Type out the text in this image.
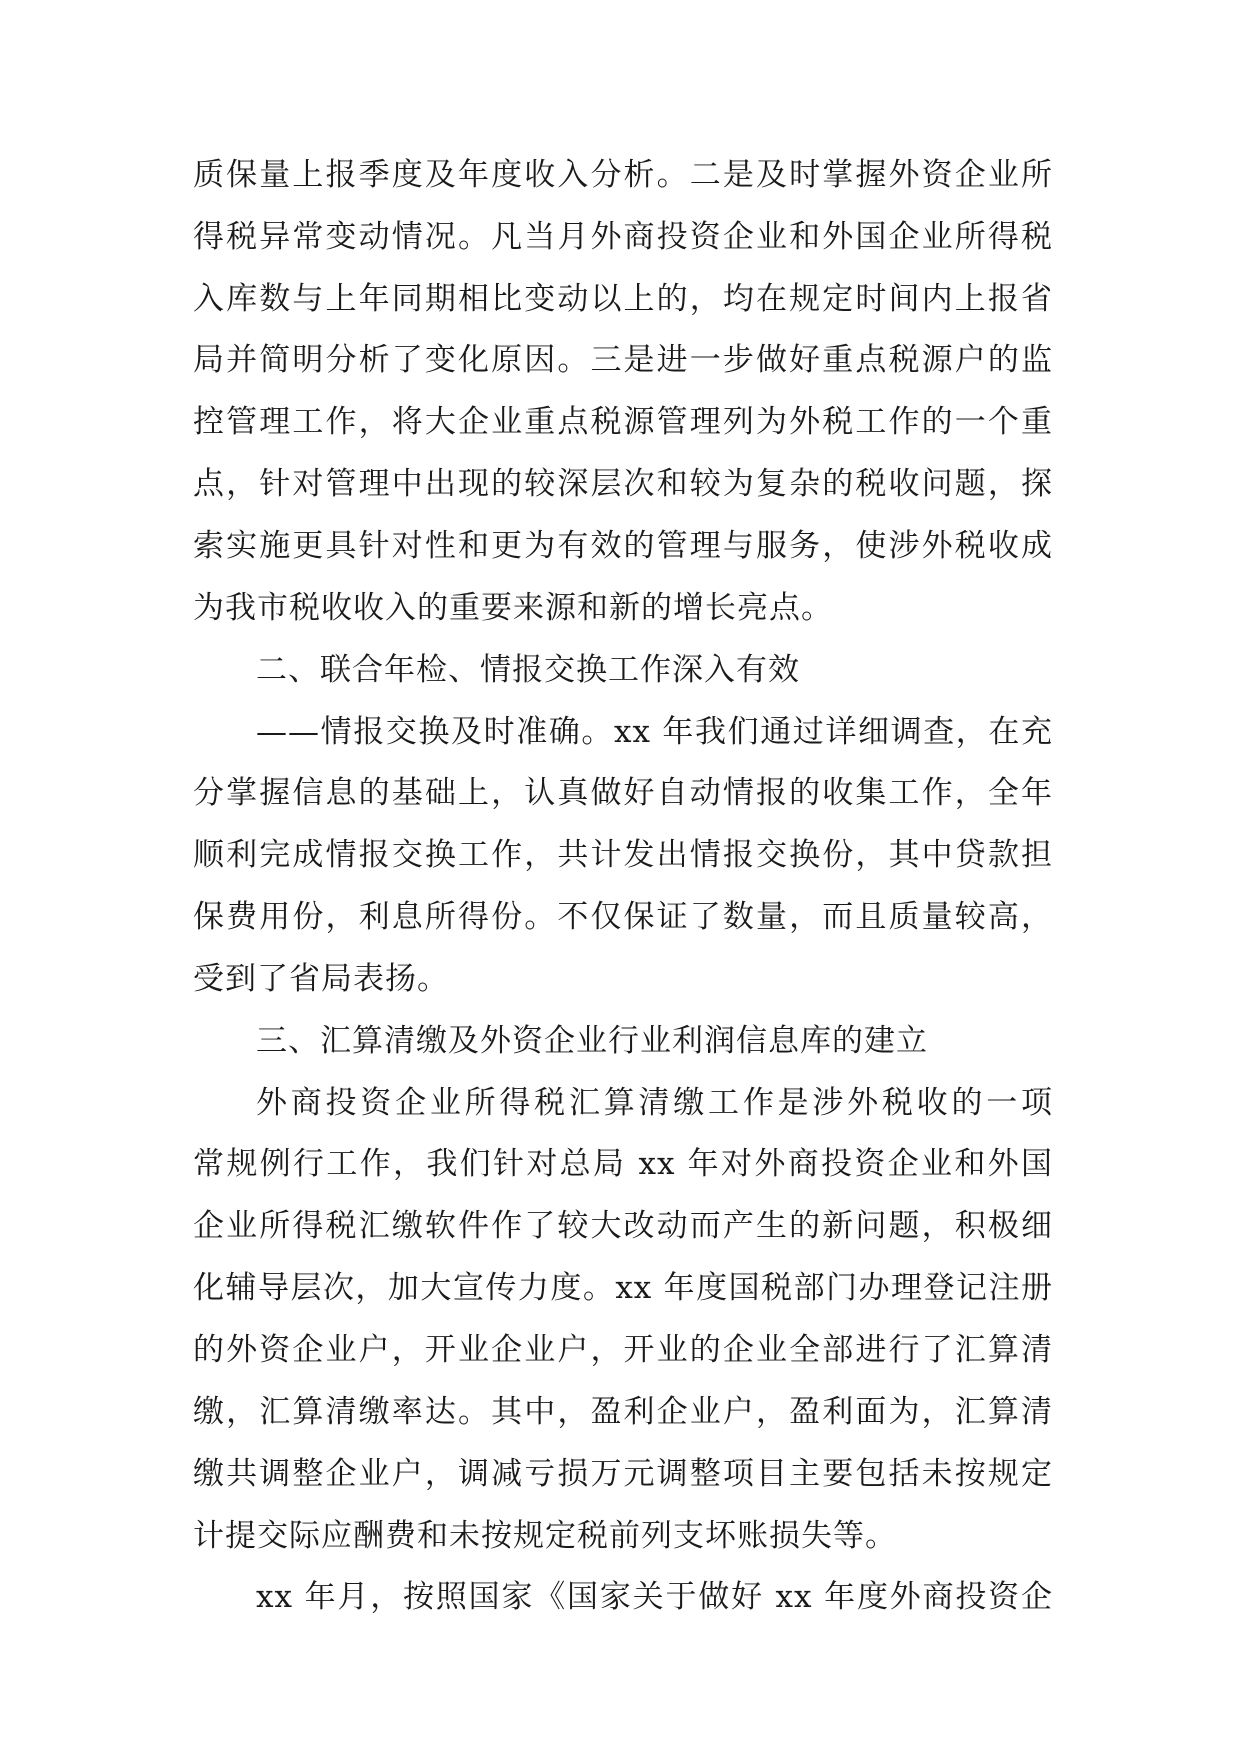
质保量上报季度及年度收入分析。二是及时掌握外资企业所
得税异常变动情况。凡当月外商投资企业和外国企业所得税
入库数与上年同期相比变动以上的，均在规定时间内上报省
局并简明分析了变化原因。三是进一步做好重点税源户的监
控管理工作，将大企业重点税源管理列为外税工作的一个重
点，针对管理中出现的较深层次和较为复杂的税收问题，探
索实施更具针对性和更为有效的管理与服务，使涉外税收成
为我市税收收入的重要来源和新的增长亮点。
二、联合年检、情报交换工作深入有效
——情报交换及时准确。xx 年我们通过详细调查，在充
分掌握信息的基础上，认真做好自动情报的收集工作，全年
顺利完成情报交换工作，共计发出情报交换份，其中贷款担
保费用份，利息所得份。不仅保证了数量，而且质量较高，
受到了省局表扬。
三、汇算清缴及外资企业行业利润信息库的建立
外商投资企业所得税汇算清缴工作是涉外税收的一项
常规例行工作，我们针对总局 xx 年对外商投资企业和外国
企业所得税汇缴软件作了较大改动而产生的新问题，积极细
化辅导层次，加大宣传力度。xx 年度国税部门办理登记注册
的外资企业户，开业企业户，开业的企业全部进行了汇算清
缴，汇算清缴率达。其中，盈利企业户，盈利面为，汇算清
缴共调整企业户，调减亏损万元调整项目主要包括未按规定
计提交际应酬费和未按规定税前列支坏账损失等。
xx 年月，按照国家《国家关于做好 xx 年度外商投资企
